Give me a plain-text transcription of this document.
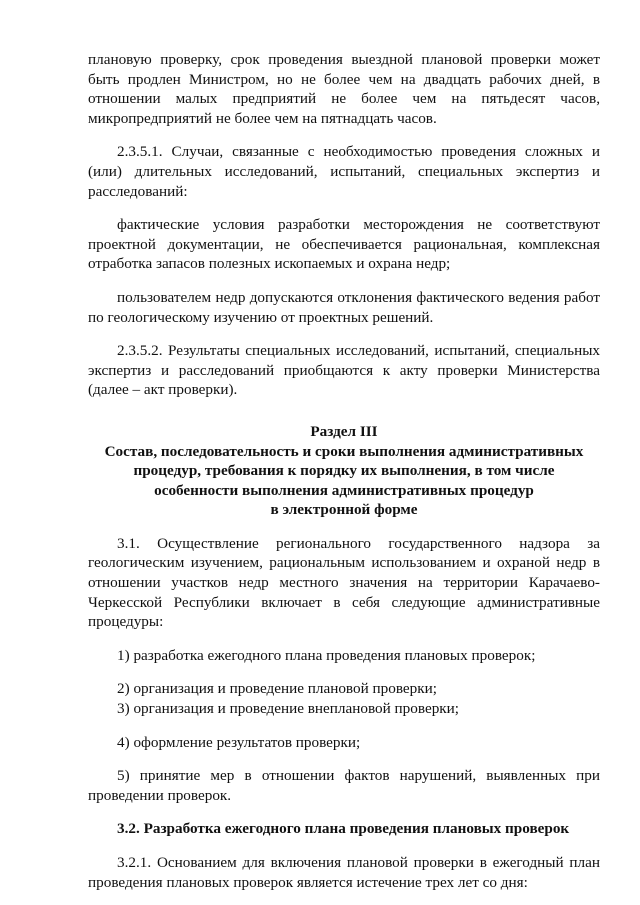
плановую проверку, срок проведения выездной плановой проверки может быть продлен Министром, но не более чем на двадцать рабочих дней, в отношении малых предприятий не более чем на пятьдесят часов, микропредприятий не более чем на пятнадцать часов.

2.3.5.1. Случаи, связанные с необходимостью проведения сложных и (или) длительных исследований, испытаний, специальных экспертиз и расследований:

фактические условия разработки месторождения не соответствуют проектной документации, не обеспечивается рациональная, комплексная отработка запасов полезных ископаемых и охрана недр;

пользователем недр допускаются отклонения фактического ведения работ по геологическому изучению от проектных решений.

2.3.5.2. Результаты специальных исследований, испытаний, специальных экспертиз и расследований приобщаются к акту проверки Министерства (далее – акт проверки).

Раздел III

Состав, последовательность и сроки выполнения административных

процедур, требования к порядку их выполнения, в том числе

особенности выполнения административных процедур

в электронной форме

3.1. Осуществление регионального государственного надзора за геологическим изучением, рациональным использованием и охраной недр в отношении участков недр местного значения на территории Карачаево-Черкесской Республики включает в себя следующие административные процедуры:

1) разработка ежегодного плана проведения плановых проверок;

2) организация и проведение плановой проверки;

3) организация и проведение внеплановой проверки;

4) оформление результатов проверки;

5) принятие мер в отношении фактов нарушений, выявленных при проведении проверок.

3.2. Разработка ежегодного плана проведения плановых проверок

3.2.1. Основанием для включения плановой проверки в ежегодный план проведения плановых проверок является истечение трех лет со дня:
